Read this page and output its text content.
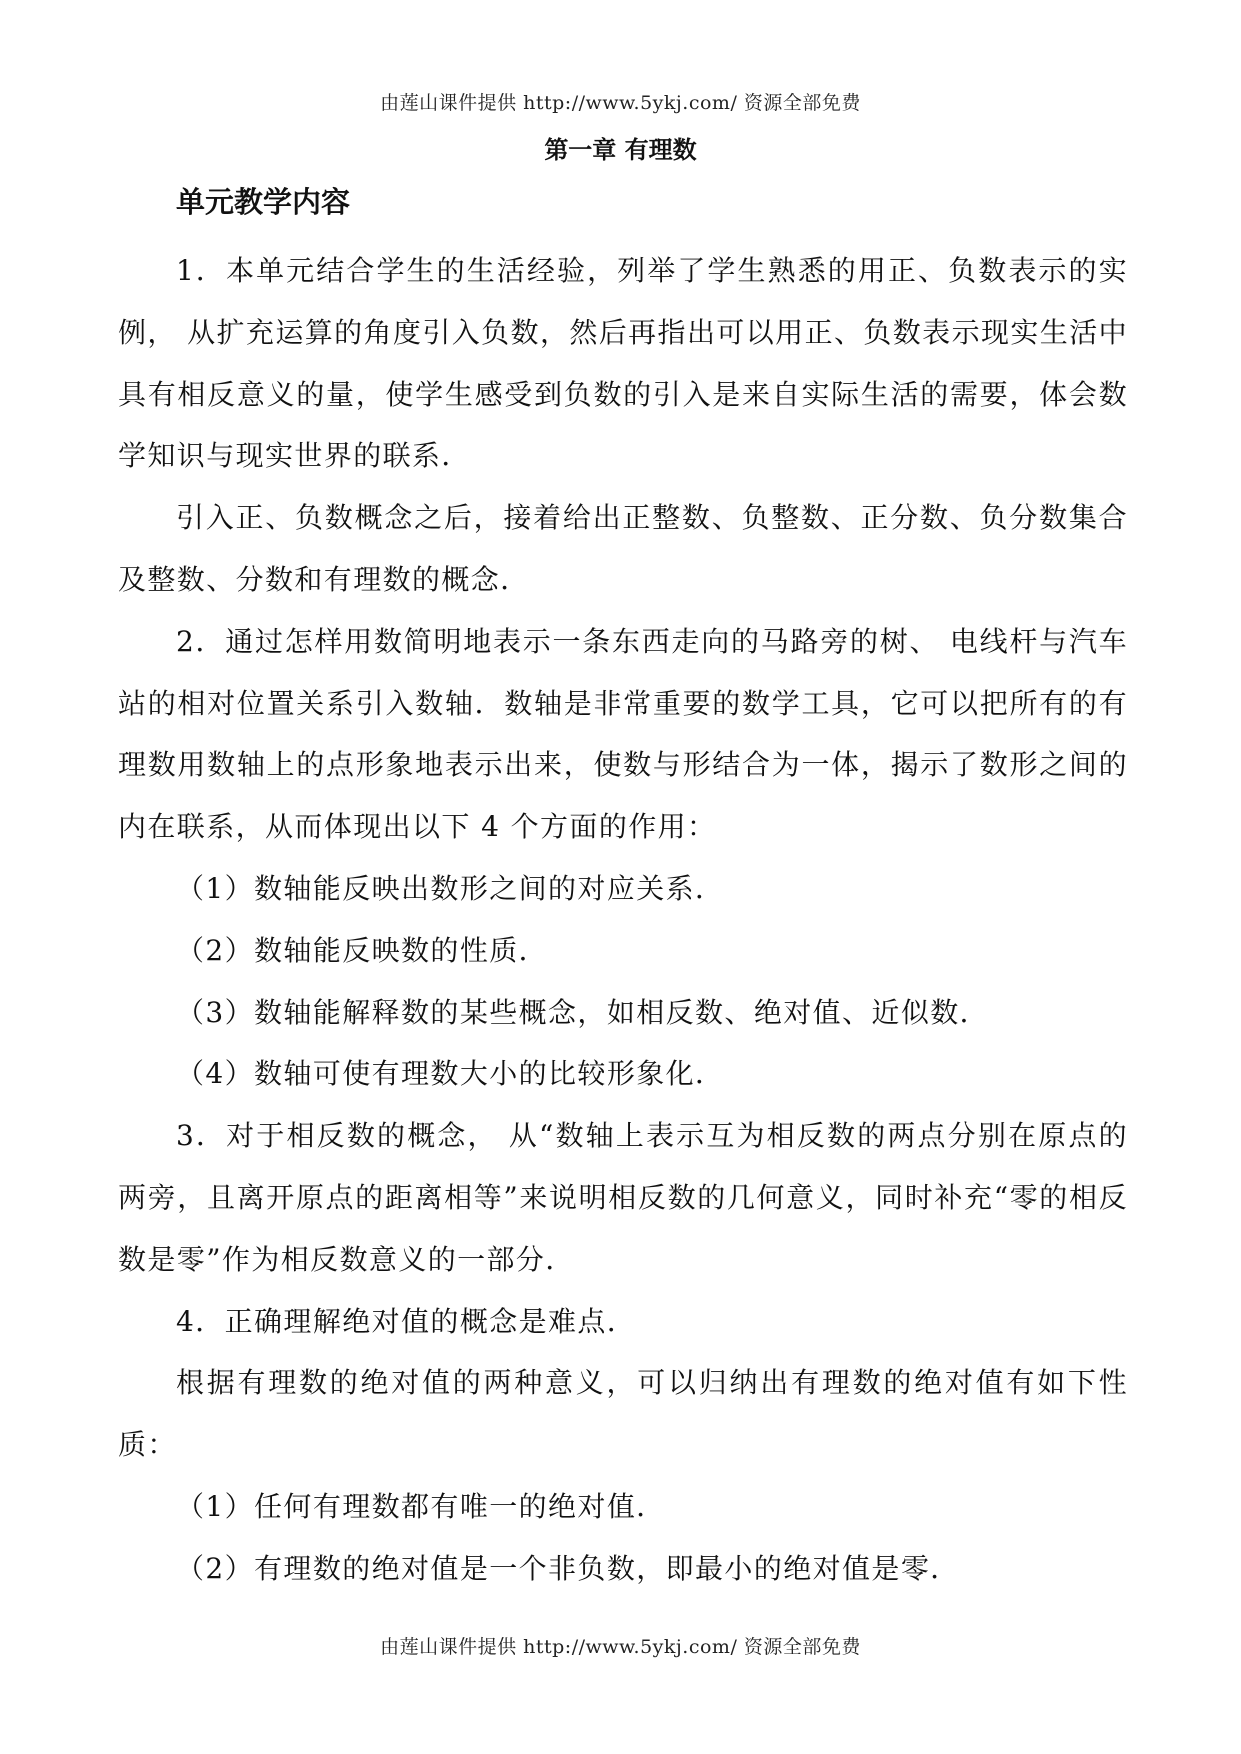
由莲山课件提供 http://www.5ykj.com/ 资源全部免费
第一章 有理数
单元教学内容

1．本单元结合学生的生活经验，列举了学生熟悉的用正、负数表示的实例， 从扩充运算的角度引入负数，然后再指出可以用正、负数表示现实生活中具有相反意义的量，使学生感受到负数的引入是来自实际生活的需要，体会数学知识与现实世界的联系．

引入正、负数概念之后，接着给出正整数、负整数、正分数、负分数集合及整数、分数和有理数的概念．

2．通过怎样用数简明地表示一条东西走向的马路旁的树、 电线杆与汽车站的相对位置关系引入数轴．数轴是非常重要的数学工具，它可以把所有的有理数用数轴上的点形象地表示出来，使数与形结合为一体，揭示了数形之间的内在联系，从而体现出以下 4 个方面的作用：

（1）数轴能反映出数形之间的对应关系．

（2）数轴能反映数的性质．

（3）数轴能解释数的某些概念，如相反数、绝对值、近似数．

（4）数轴可使有理数大小的比较形象化．

3．对于相反数的概念， 从“数轴上表示互为相反数的两点分别在原点的两旁，且离开原点的距离相等”来说明相反数的几何意义，同时补充“零的相反数是零”作为相反数意义的一部分．

4．正确理解绝对值的概念是难点．

根据有理数的绝对值的两种意义，可以归纳出有理数的绝对值有如下性质：

（1）任何有理数都有唯一的绝对值．

（2）有理数的绝对值是一个非负数，即最小的绝对值是零．

由莲山课件提供 http://www.5ykj.com/ 资源全部免费
